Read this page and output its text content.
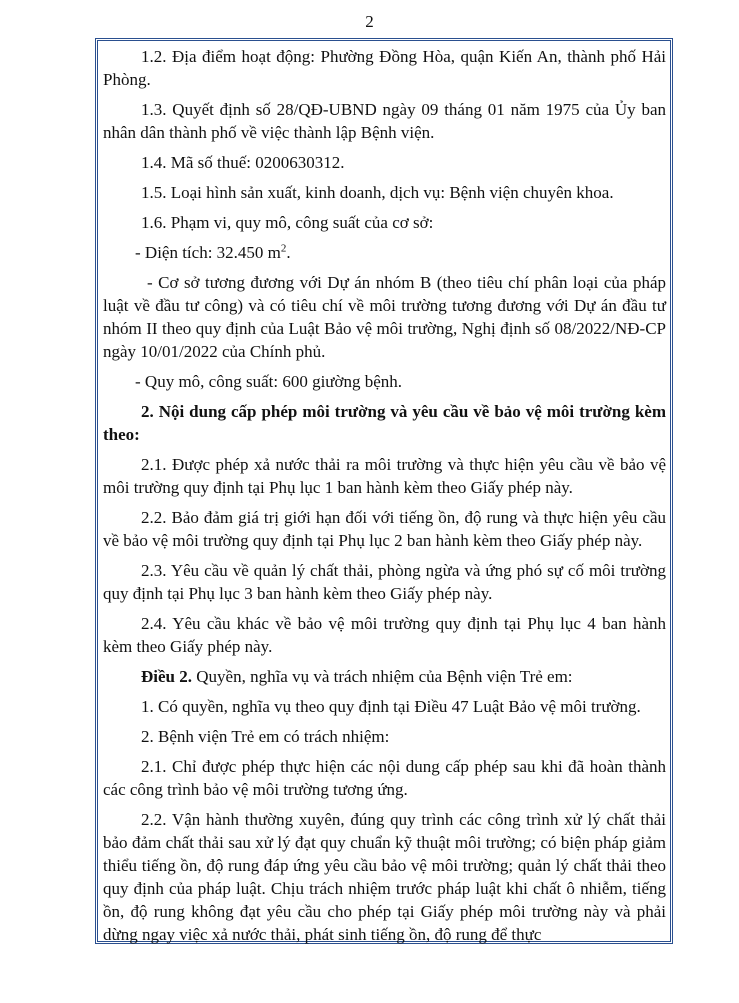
2

1.2. Địa điểm hoạt động: Phường Đồng Hòa, quận Kiến An, thành phố Hải Phòng.

1.3. Quyết định số 28/QĐ-UBND ngày 09 tháng 01 năm 1975 của Ủy ban nhân dân thành phố về việc thành lập Bệnh viện.

1.4. Mã số thuế: 0200630312.

1.5. Loại hình sản xuất, kinh doanh, dịch vụ: Bệnh viện chuyên khoa.

1.6. Phạm vi, quy mô, công suất của cơ sở:

- Diện tích: 32.450 $m^2$.

- Cơ sở tương đương với Dự án nhóm B (theo tiêu chí phân loại của pháp luật về đầu tư công) và có tiêu chí về môi trường tương đương với Dự án đầu tư nhóm II theo quy định của Luật Bảo vệ môi trường, Nghị định số 08/2022/NĐ-CP ngày 10/01/2022 của Chính phủ.

- Quy mô, công suất: 600 giường bệnh.

2. Nội dung cấp phép môi trường và yêu cầu về bảo vệ môi trường kèm theo:

2.1. Được phép xả nước thải ra môi trường và thực hiện yêu cầu về bảo vệ môi trường quy định tại Phụ lục 1 ban hành kèm theo Giấy phép này.

2.2. Bảo đảm giá trị giới hạn đối với tiếng ồn, độ rung và thực hiện yêu cầu về bảo vệ môi trường quy định tại Phụ lục 2 ban hành kèm theo Giấy phép này.

2.3. Yêu cầu về quản lý chất thải, phòng ngừa và ứng phó sự cố môi trường quy định tại Phụ lục 3 ban hành kèm theo Giấy phép này.

2.4. Yêu cầu khác về bảo vệ môi trường quy định tại Phụ lục 4 ban hành kèm theo Giấy phép này.

Điều 2. Quyền, nghĩa vụ và trách nhiệm của Bệnh viện Trẻ em:

1. Có quyền, nghĩa vụ theo quy định tại Điều 47 Luật Bảo vệ môi trường.

2. Bệnh viện Trẻ em có trách nhiệm:

2.1. Chỉ được phép thực hiện các nội dung cấp phép sau khi đã hoàn thành các công trình bảo vệ môi trường tương ứng.

2.2. Vận hành thường xuyên, đúng quy trình các công trình xử lý chất thải bảo đảm chất thải sau xử lý đạt quy chuẩn kỹ thuật môi trường; có biện pháp giảm thiểu tiếng ồn, độ rung đáp ứng yêu cầu bảo vệ môi trường; quản lý chất thải theo quy định của pháp luật. Chịu trách nhiệm trước pháp luật khi chất ô nhiễm, tiếng ồn, độ rung không đạt yêu cầu cho phép tại Giấy phép môi trường này và phải dừng ngay việc xả nước thải, phát sinh tiếng ồn, độ rung để thực
